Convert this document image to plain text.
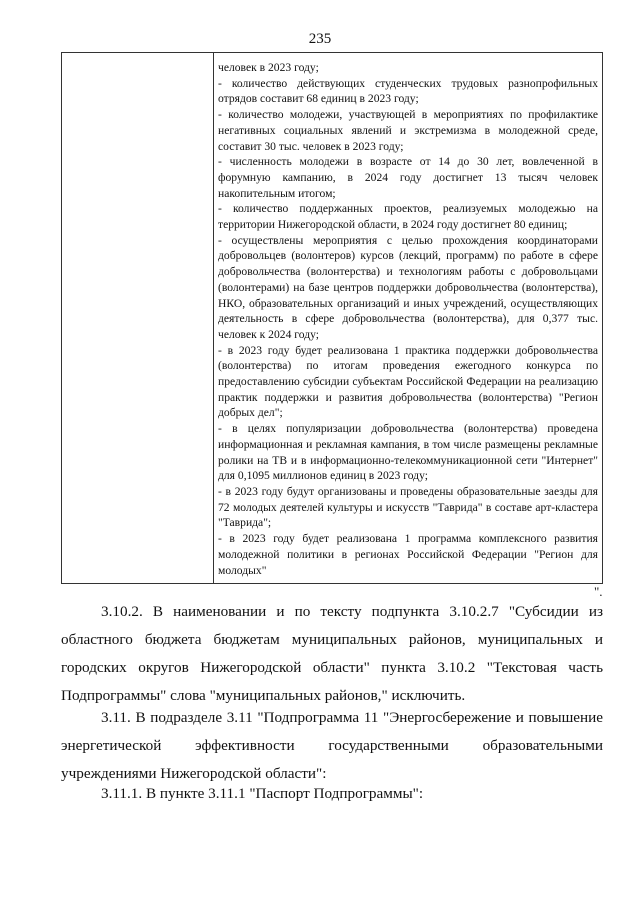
235

человек в 2023 году;

- количество действующих студенческих трудовых разнопрофильных отрядов составит 68 единиц в 2023 году;

- количество молодежи, участвующей в мероприятиях по профилактике негативных социальных явлений и экстремизма в молодежной среде, составит 30 тыс. человек в 2023 году;

- численность молодежи в возрасте от 14 до 30 лет, вовлеченной в форумную кампанию, в 2024 году достигнет 13 тысяч человек накопительным итогом;

- количество поддержанных проектов, реализуемых молодежью на территории Нижегородской области, в 2024 году достигнет 80 единиц;

- осуществлены мероприятия с целью прохождения координаторами добровольцев (волонтеров) курсов (лекций, программ) по работе в сфере добровольчества (волонтерства) и технологиям работы с добровольцами (волонтерами) на базе центров поддержки добровольчества (волонтерства), НКО, образовательных организаций и иных учреждений, осуществляющих деятельность в сфере добровольчества (волонтерства), для 0,377 тыс. человек к 2024 году;

- в 2023 году будет реализована 1 практика поддержки добровольчества (волонтерства) по итогам проведения ежегодного конкурса по предоставлению субсидии субъектам Российской Федерации на реализацию практик поддержки и развития добровольчества (волонтерства) "Регион добрых дел";

- в целях популяризации добровольчества (волонтерства) проведена информационная и рекламная кампания, в том числе размещены рекламные ролики на ТВ и в информационно-телекоммуникационной сети "Интернет" для 0,1095 миллионов единиц в 2023 году;

- в 2023 году будут организованы и проведены образовательные заезды для 72 молодых деятелей культуры и искусств "Таврида" в составе арт-кластера "Таврида";

- в 2023 году будет реализована 1 программа комплексного развития молодежной политики в регионах Российской Федерации "Регион для молодых"

".

3.10.2. В наименовании и по тексту подпункта 3.10.2.7 "Субсидии из областного бюджета бюджетам муниципальных районов, муниципальных и городских округов Нижегородской области" пункта 3.10.2 "Текстовая часть Подпрограммы" слова "муниципальных районов," исключить.

3.11. В подразделе 3.11 "Подпрограмма 11 "Энергосбережение и повышение энергетической эффективности государственными образовательными учреждениями Нижегородской области":

3.11.1. В пункте 3.11.1 "Паспорт Подпрограммы":
